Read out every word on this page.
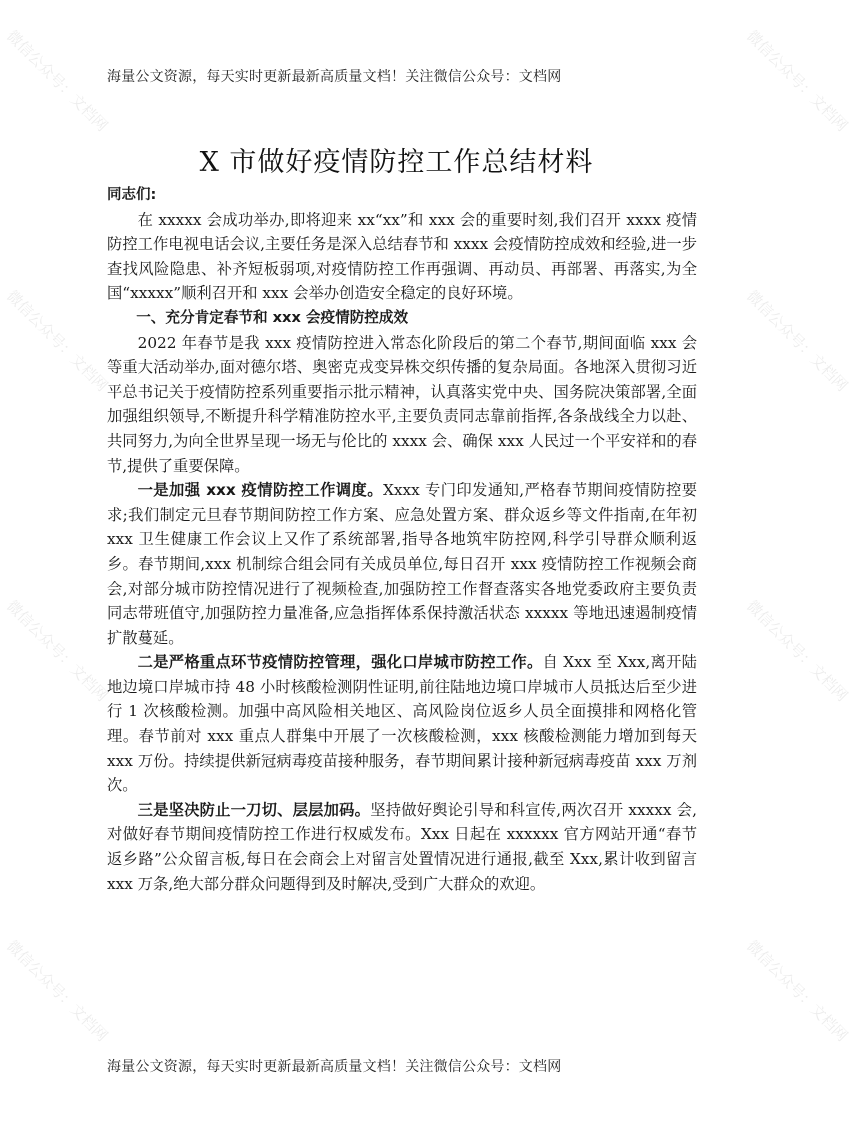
微信公众号：文档网	微信公众号：文档网
微信公众号：文档网	微信公众号：文档网
微信公众号：文档网	微信公众号：文档网
微信公众号：文档网	微信公众号：文档网
海量公文资源，每天实时更新最新高质量文档！关注微信公众号：文档网
X 市做好疫情防控工作总结材料
同志们:

在 xxxxx 会成功举办,即将迎来 xx“xx”和 xxx 会的重要时刻,我们召开 xxxx 疫情防控工作电视电话会议,主要任务是深入总结春节和 xxxx 会疫情防控成效和经验,进一步查找风险隐患、补齐短板弱项,对疫情防控工作再强调、再动员、再部署、再落实,为全国“xxxxx”顺利召开和 xxx 会举办创造安全稳定的良好环境。

一、充分肯定春节和 xxx 会疫情防控成效

2022 年春节是我 xxx 疫情防控进入常态化阶段后的第二个春节,期间面临 xxx 会等重大活动举办,面对德尔塔、奥密克戎变异株交织传播的复杂局面。各地深入贯彻习近平总书记关于疫情防控系列重要指示批示精神，认真落实党中央、国务院决策部署,全面加强组织领导,不断提升科学精准防控水平,主要负责同志靠前指挥,各条战线全力以赴、共同努力,为向全世界呈现一场无与伦比的 xxxx 会、确保 xxx 人民过一个平安祥和的春节,提供了重要保障。

一是加强 xxx 疫情防控工作调度。Xxxx 专门印发通知,严格春节期间疫情防控要求;我们制定元旦春节期间防控工作方案、应急处置方案、群众返乡等文件指南,在年初 xxx 卫生健康工作会议上又作了系统部署,指导各地筑牢防控网,科学引导群众顺利返乡。春节期间,xxx 机制综合组会同有关成员单位,每日召开 xxx 疫情防控工作视频会商会,对部分城市防控情况进行了视频检查,加强防控工作督查落实各地党委政府主要负责同志带班值守,加强防控力量准备,应急指挥体系保持激活状态 xxxxx 等地迅速遏制疫情扩散蔓延。

二是严格重点环节疫情防控管理，强化口岸城市防控工作。自 Xxx 至 Xxx,离开陆地边境口岸城市持 48 小时核酸检测阴性证明,前往陆地边境口岸城市人员抵达后至少进行 1 次核酸检测。加强中高风险相关地区、高风险岗位返乡人员全面摸排和网格化管理。春节前对 xxx 重点人群集中开展了一次核酸检测，xxx 核酸检测能力增加到每天 xxx 万份。持续提供新冠病毒疫苗接种服务，春节期间累计接种新冠病毒疫苗 xxx 万剂次。

三是坚决防止一刀切、层层加码。坚持做好舆论引导和科宣传,两次召开 xxxxx 会,对做好春节期间疫情防控工作进行权威发布。Xxx 日起在 xxxxxx 官方网站开通“春节返乡路”公众留言板,每日在会商会上对留言处置情况进行通报,截至 Xxx,累计收到留言 xxx 万条,绝大部分群众问题得到及时解决,受到广大群众的欢迎。

海量公文资源，每天实时更新最新高质量文档！关注微信公众号：文档网
